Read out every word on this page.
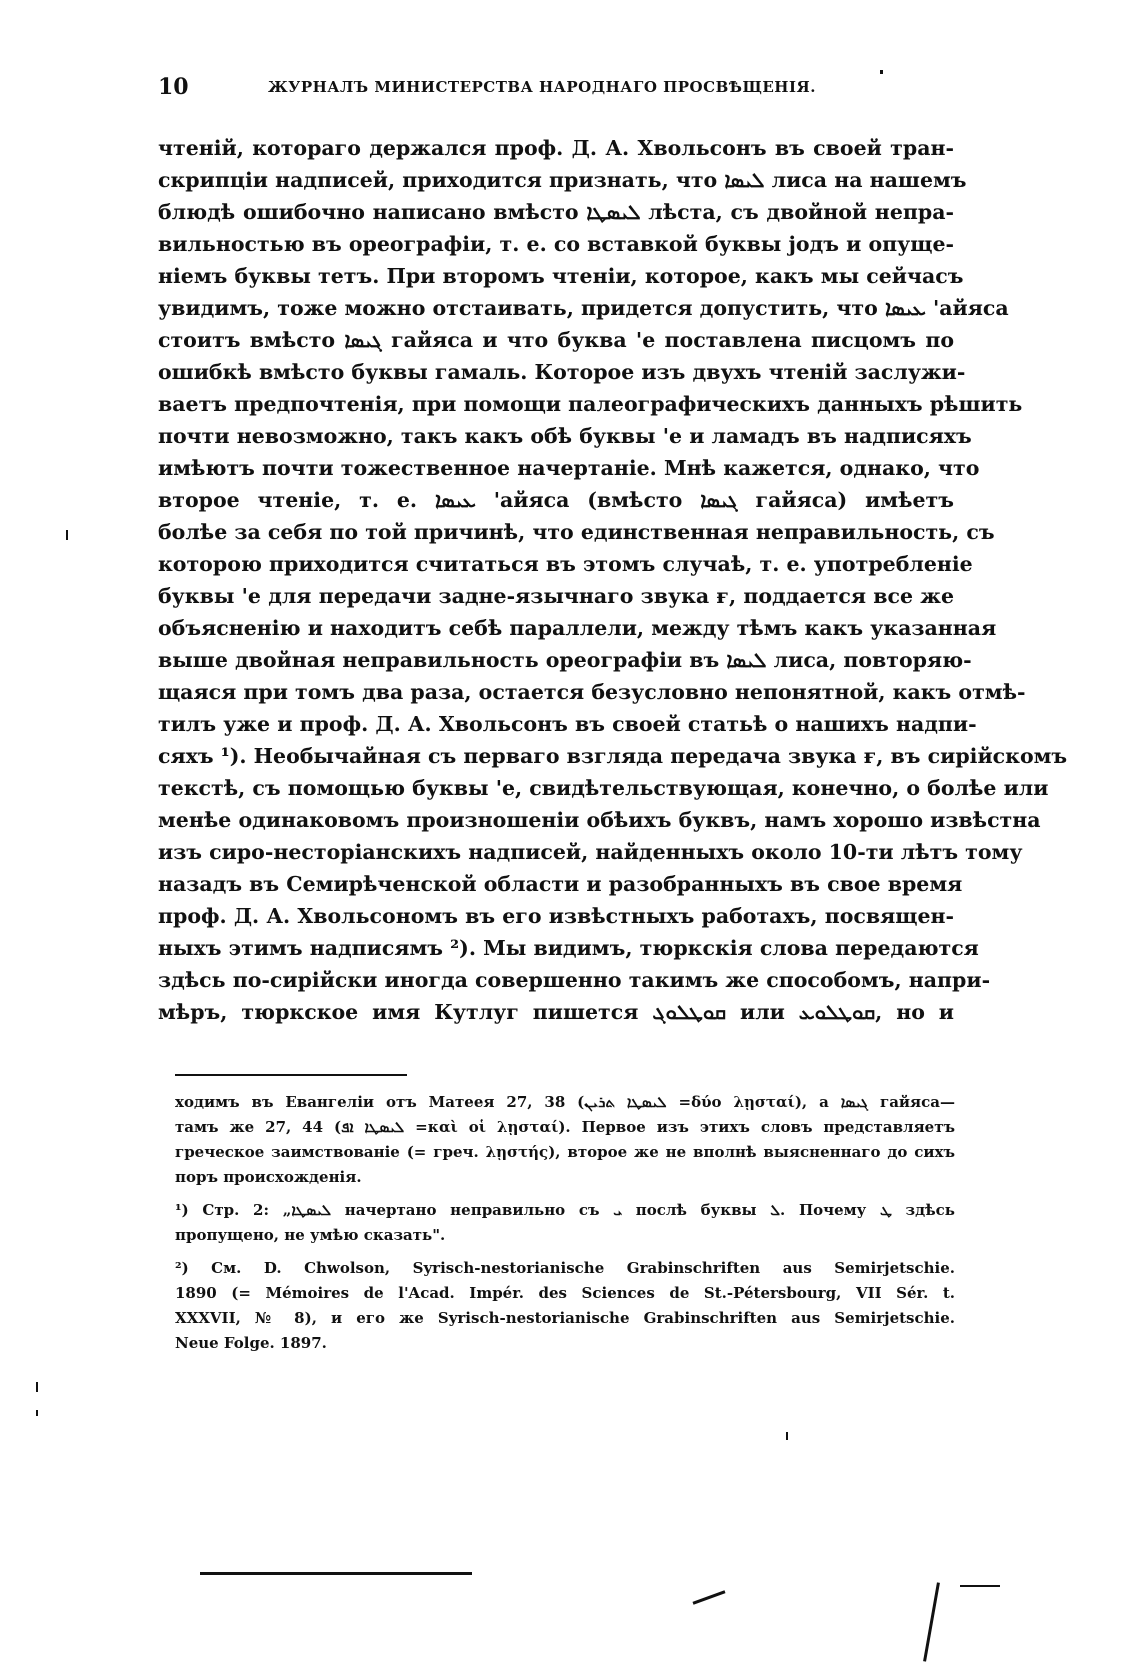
10	ЖУРНАЛЪ МИНИСТЕРСТВА НАРОДНАГО ПРОСВѢЩЕНІЯ.
чтеній, котораго держался проф. Д. А. Хвольсонъ въ своей тран-
скрипціи надписей, приходится признать, что ܠܝܣܐ лиса на нашемъ
блюдѣ ошибочно написано вмѣсто ܠܝܣܛܐ лѣста, съ двойной непра-
вильностью въ ореографіи, т. е. со вставкой буквы јодъ и опуще-
ніемъ буквы тетъ. При второмъ чтеніи, которое, какъ мы сейчасъ
увидимъ, тоже можно отстаивать, придется допустить, что ܥܝܣܐ 'айяса
стоитъ вмѣсто ܓܝܣܐ гайяса и что буква 'е поставлена писцомъ по
ошибкѣ вмѣсто буквы гамаль. Которое изъ двухъ чтеній заслужи-
ваетъ предпочтенія, при помощи палеографическихъ данныхъ рѣшить
почти невозможно, такъ какъ обѣ буквы 'е и ламадъ въ надписяхъ
имѣютъ почти тожественное начертаніе. Мнѣ кажется, однако, что
второе чтеніе, т. е. ܥܝܣܐ 'айяса (вмѣсто ܓܝܣܐ гайяса) имѣетъ
болѣе за себя по той причинѣ, что единственная неправильность, съ
которою приходится считаться въ этомъ случаѣ, т. е. употребленіе
буквы 'е для передачи задне-язычнаго звука ғ, поддается все же
объясненію и находитъ себѣ параллели, между тѣмъ какъ указанная
выше двойная неправильность ореографіи въ ܠܝܣܐ лиса, повторяю-
щаяся при томъ два раза, остается безусловно непонятной, какъ отмѣ-
тилъ уже и проф. Д. А. Хвольсонъ въ своей статьѣ о нашихъ надпи-
сяхъ ¹). Необычайная съ перваго взгляда передача звука ғ, въ сирійскомъ
текстѣ, съ помощью буквы 'е, свидѣтельствующая, конечно, о болѣе или
менѣе одинаковомъ произношеніи обѣихъ буквъ, намъ хорошо извѣстна
изъ сиро-несторіанскихъ надписей, найденныхъ около 10-ти лѣтъ тому
назадъ въ Семирѣченской области и разобранныхъ въ свое время
проф. Д. А. Хвольсономъ въ его извѣстныхъ работахъ, посвящен-
ныхъ этимъ надписямъ ²). Мы видимъ, тюркскія слова передаются
здѣсь по-сирійски иногда совершенно такимъ же способомъ, напри-
мѣръ, тюркское имя Кутлуг пишется ܩܘܛܠܘܓ или ܩܘܛܠܘܥ, но и
ходимъ въ Евангеліи отъ Матеея 27, 38 (ܠܝܣܛܐ ܬܪܝܢ =δύο λῃσταί), а ܓܝܣܐ гайяса—
тамъ же 27, 44 (ܠܝܣܛܐ ܐܦ =καὶ οἱ λῃσταί). Первое изъ этихъ словъ представляетъ
греческое заимствованіе (= греч. λῃστής), второе же не вполнѣ выясненнаго до сихъ
поръ происхожденія.
¹) Стр. 2: „ܠܝܣܛܐ начертано неправильно съ ܝ послѣ буквы ܠ. Почему ܛ здѣсь
пропущено, не умѣю сказать".
²) См. D. Chwolson, Syrisch-nestorianische Grabinschriften aus Semirjetschie.
1890 (= Mémoires de l'Acad. Impér. des Sciences de St.-Pétersbourg, VII Sér. t.
XXXVII, № 8), и его же Syrisch-nestorianische Grabinschriften aus Semirjetschie.
Neue Folge. 1897.
